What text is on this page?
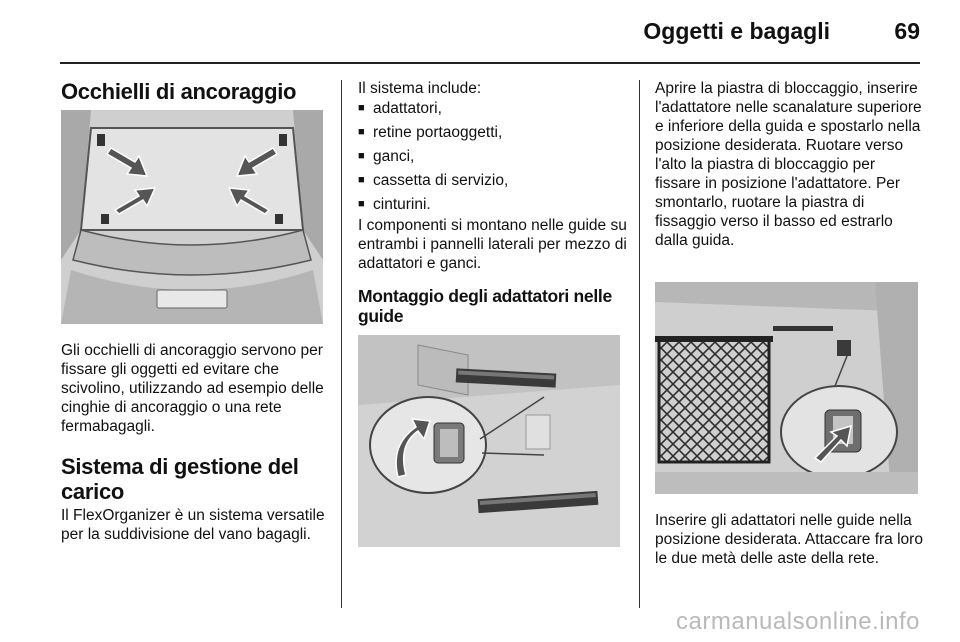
Oggetti e bagagli	69
Occhielli di ancoraggio

Gli occhielli di ancoraggio servono per fissare gli oggetti ed evitare che scivolino, utilizzando ad esempio delle cinghie di ancoraggio o una rete fermabagagli.

Sistema di gestione del carico

Il FlexOrganizer è un sistema versatile per la suddivisione del vano bagagli.

Il sistema include:

■ adattatori,
■ retine portaoggetti,
■ ganci,
■ cassetta di servizio,
■ cinturini.

I componenti si montano nelle guide su entrambi i pannelli laterali per mezzo di adattatori e ganci.

Montaggio degli adattatori nelle guide

Aprire la piastra di bloccaggio, inserire l'adattatore nelle scanalature superiore e inferiore della guida e spostarlo nella posizione desiderata. Ruotare verso l'alto la piastra di bloccaggio per fissare in posizione l'adattatore. Per smontarlo, ruotare la piastra di fissaggio verso il basso ed estrarlo dalla guida.

Inserire gli adattatori nelle guide nella posizione desiderata. Attaccare fra loro le due metà delle aste della rete.

carmanualsonline.info
